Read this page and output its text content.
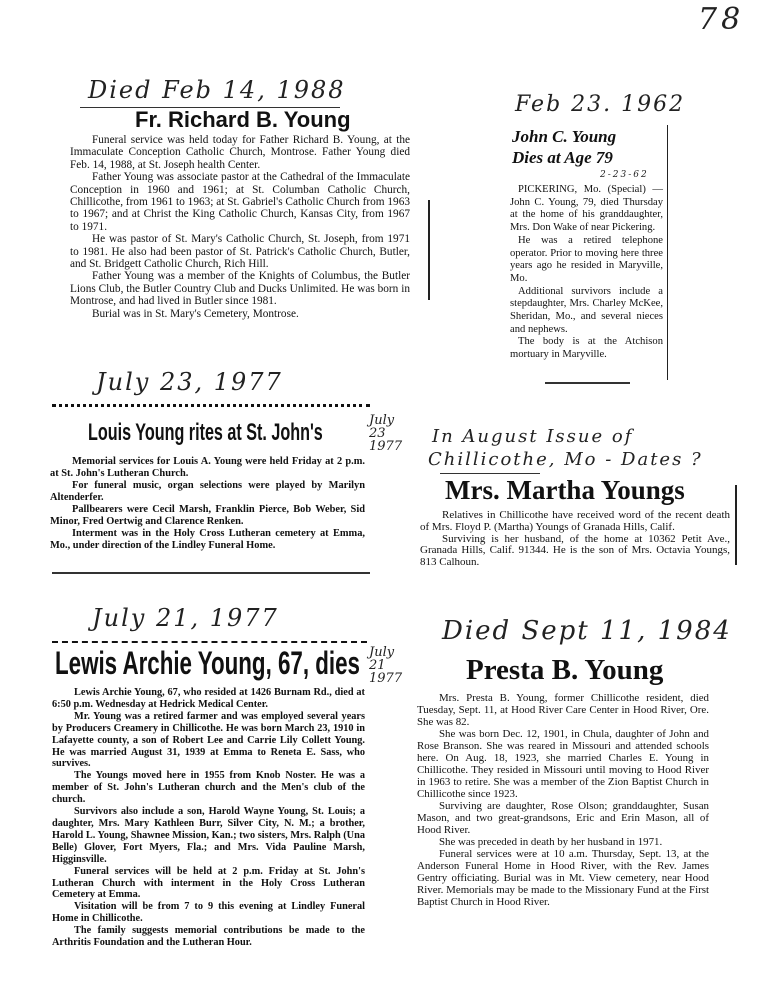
78
Died Feb 14, 1988
Fr. Richard B. Young

Funeral service was held today for Father Richard B. Young, at the Immaculate Conception Catholic Church, Montrose. Father Young died Feb. 14, 1988, at St. Joseph health Center.

Father Young was associate pastor at the Cathedral of the Immaculate Conception in 1960 and 1961; at St. Columban Catholic Church, Chillicothe, from 1961 to 1963; at St. Gabriel's Catholic Church from 1963 to 1967; and at Christ the King Catholic Church, Kansas City, from 1967 to 1971.

He was pastor of St. Mary's Catholic Church, St. Joseph, from 1971 to 1981. He also had been pastor of St. Patrick's Catholic Church, Butler, and St. Bridgett Catholic Church, Rich Hill.

Father Young was a member of the Knights of Columbus, the Butler Lions Club, the Butler Country Club and Ducks Unlimited. He was born in Montrose, and had lived in Butler since 1981.

Burial was in St. Mary's Cemetery, Montrose.

Feb 23. 1962
John C. Young
Dies at Age 79
2-23-62

PICKERING, Mo. (Special) — John C. Young, 79, died Thursday at the home of his granddaughter, Mrs. Don Wake of near Pickering.

He was a retired telephone operator. Prior to moving here three years ago he resided in Maryville, Mo.

Additional survivors include a stepdaughter, Mrs. Charley McKee, Sheridan, Mo., and several nieces and nephews.

The body is at the Atchison mortuary in Maryville.

July 23, 1977
Louis Young rites at St. John's	July 23 1977

Memorial services for Louis A. Young were held Friday at 2 p.m. at St. John's Lutheran Church.

For funeral music, organ selections were played by Marilyn Altenderfer.

Pallbearers were Cecil Marsh, Franklin Pierce, Bob Weber, Sid Minor, Fred Oertwig and Clarence Renken.

Interment was in the Holy Cross Lutheran cemetery at Emma, Mo., under direction of the Lindley Funeral Home.

In August Issue of
Chillicothe, Mo - Dates ?
Mrs. Martha Youngs

Relatives in Chillicothe have received word of the recent death of Mrs. Floyd P. (Martha) Youngs of Granada Hills, Calif.

Surviving is her husband, of the home at 10362 Petit Ave., Granada Hills, Calif. 91344. He is the son of Mrs. Octavia Youngs, 813 Calhoun.

July 21, 1977
Lewis Archie Young, 67, dies July 21 1977

Lewis Archie Young, 67, who resided at 1426 Burnam Rd., died at 6:50 p.m. Wednesday at Hedrick Medical Center.

Mr. Young was a retired farmer and was employed several years by Producers Creamery in Chillicothe. He was born March 23, 1910 in Lafayette county, a son of Robert Lee and Carrie Lily Collett Young. He was married August 31, 1939 at Emma to Reneta E. Sass, who survives.

The Youngs moved here in 1955 from Knob Noster. He was a member of St. John's Lutheran church and the Men's club of the church.

Survivors also include a son, Harold Wayne Young, St. Louis; a daughter, Mrs. Mary Kathleen Burr, Silver City, N. M.; a brother, Harold L. Young, Shawnee Mission, Kan.; two sisters, Mrs. Ralph (Una Belle) Glover, Fort Myers, Fla.; and Mrs. Vida Pauline Marsh, Higginsville.

Funeral services will be held at 2 p.m. Friday at St. John's Lutheran Church with interment in the Holy Cross Lutheran Cemetery at Emma.

Visitation will be from 7 to 9 this evening at Lindley Funeral Home in Chillicothe.

The family suggests memorial contributions be made to the Arthritis Foundation and the Lutheran Hour.

Died Sept 11, 1984
Presta B. Young

Mrs. Presta B. Young, former Chillicothe resident, died Tuesday, Sept. 11, at Hood River Care Center in Hood River, Ore. She was 82.

She was born Dec. 12, 1901, in Chula, daughter of John and Rose Branson. She was reared in Missouri and attended schools here. On Aug. 18, 1923, she married Charles E. Young in Chillicothe. They resided in Missouri until moving to Hood River in 1963 to retire. She was a member of the Zion Baptist Church in Chillicothe since 1923.

Surviving are daughter, Rose Olson; granddaughter, Susan Mason, and two great-grandsons, Eric and Erin Mason, all of Hood River.

She was preceded in death by her husband in 1971.

Funeral services were at 10 a.m. Thursday, Sept. 13, at the Anderson Funeral Home in Hood River, with the Rev. James Gentry officiating. Burial was in Mt. View cemetery, near Hood River. Memorials may be made to the Missionary Fund at the First Baptist Church in Hood River.
